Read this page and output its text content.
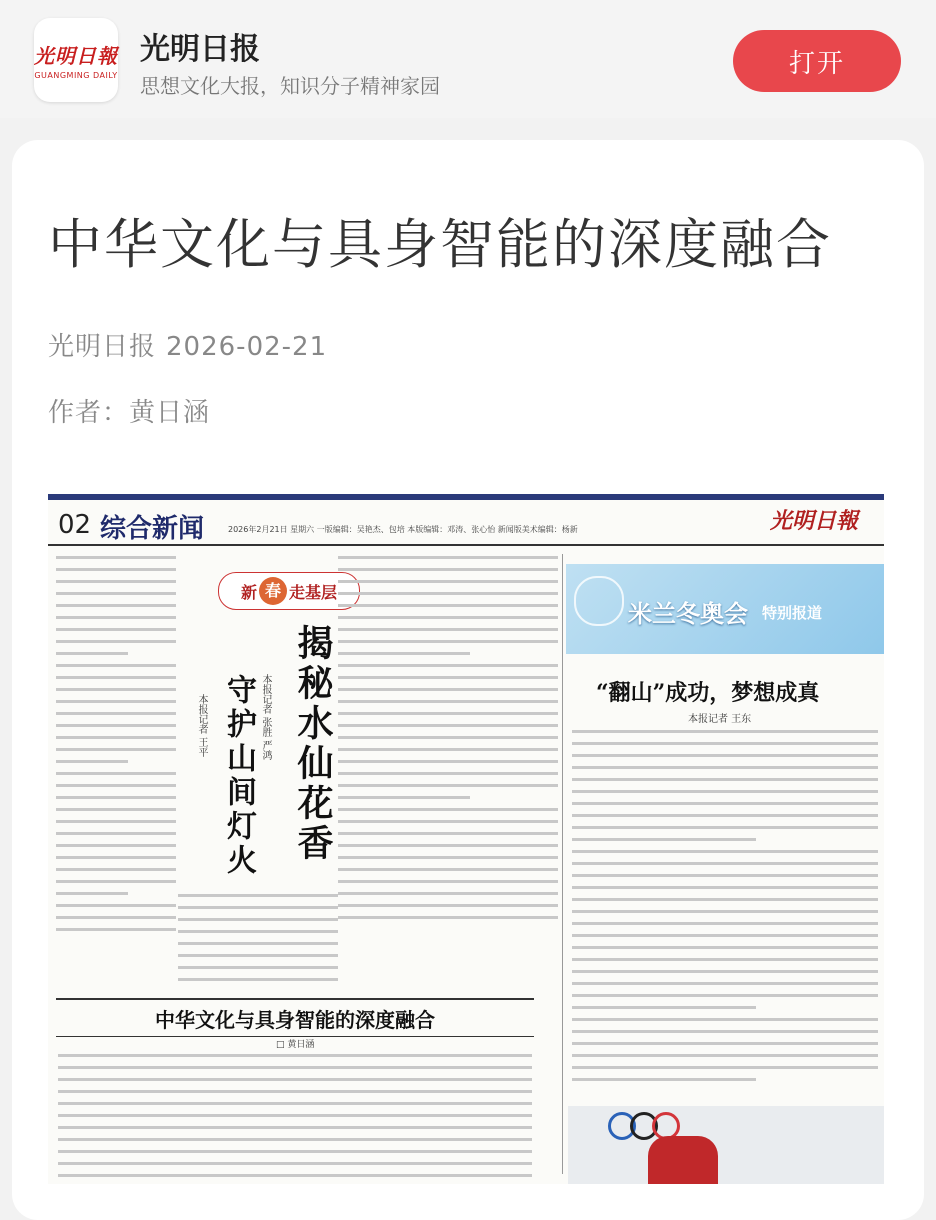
光明日報
GUANGMING DAILY
光明日报
思想文化大报，知识分子精神家园
打开
中华文化与具身智能的深度融合
光明日报 2026-02-21
作者：黄日涵
02 综合新闻	2026年2月21日 星期六 一版编辑：吴艳杰、包培 本版编辑：邓涛、张心怡 新闻版美术编辑：杨新	光明日報
新 春 走基层
揭秘水仙花香
本报记者 张胜 严鸿
守护山间灯火
本报记者 王平
米兰冬奥会 特别报道
“翻山”成功，梦想成真
本报记者 王东
中华文化与具身智能的深度融合
□ 黄日涵
